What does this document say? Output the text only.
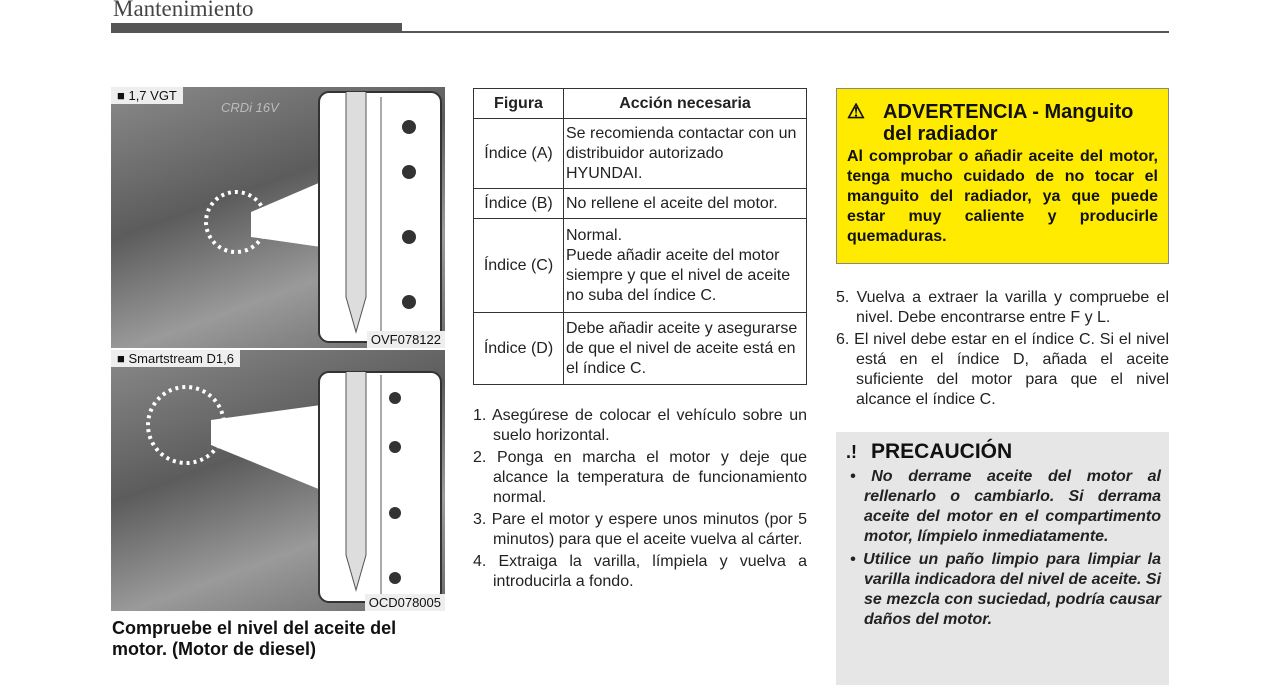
Mantenimiento
CRDi 16V
■ 1,7 VGT
OVF078122
■ Smartstream D1,6
OCD078005
Compruebe el nivel del aceite del motor. (Motor de diesel)
Figura	Acción necesaria
Índice (A)	Se recomienda contactar con un distribuidor autorizado HYUNDAI.
Índice (B)	No rellene el aceite del motor.
Índice (C)	Normal.
Puede añadir aceite del motor siempre y que el nivel de aceite no suba del índice C.
Índice (D)	Debe añadir aceite y asegurarse de que el nivel de aceite está en el índice C.
1. Asegúrese de colocar el vehículo sobre un suelo horizontal.
2. Ponga en marcha el motor y deje que alcance la temperatura de funcionamiento normal.
3. Pare el motor y espere unos minutos (por 5 minutos) para que el aceite vuelva al cárter.
4. Extraiga la varilla, límpiela y vuelva a introducirla a fondo.
⚠ ADVERTENCIA - Manguito del radiador
Al comprobar o añadir aceite del motor, tenga mucho cuidado de no tocar el manguito del radiador, ya que puede estar muy caliente y producirle quemaduras.
5. Vuelva a extraer la varilla y compruebe el nivel. Debe encontrarse entre F y L.
6. El nivel debe estar en el índice C. Si el nivel está en el índice D, añada el aceite suficiente del motor para que el nivel alcance el índice C.
.! PRECAUCIÓN
• No derrame aceite del motor al rellenarlo o cambiarlo. Si derrama aceite del motor en el compartimento motor, límpielo inmediatamente.
• Utilice un paño limpio para limpiar la varilla indicadora del nivel de aceite. Si se mezcla con suciedad, podría causar daños del motor.
